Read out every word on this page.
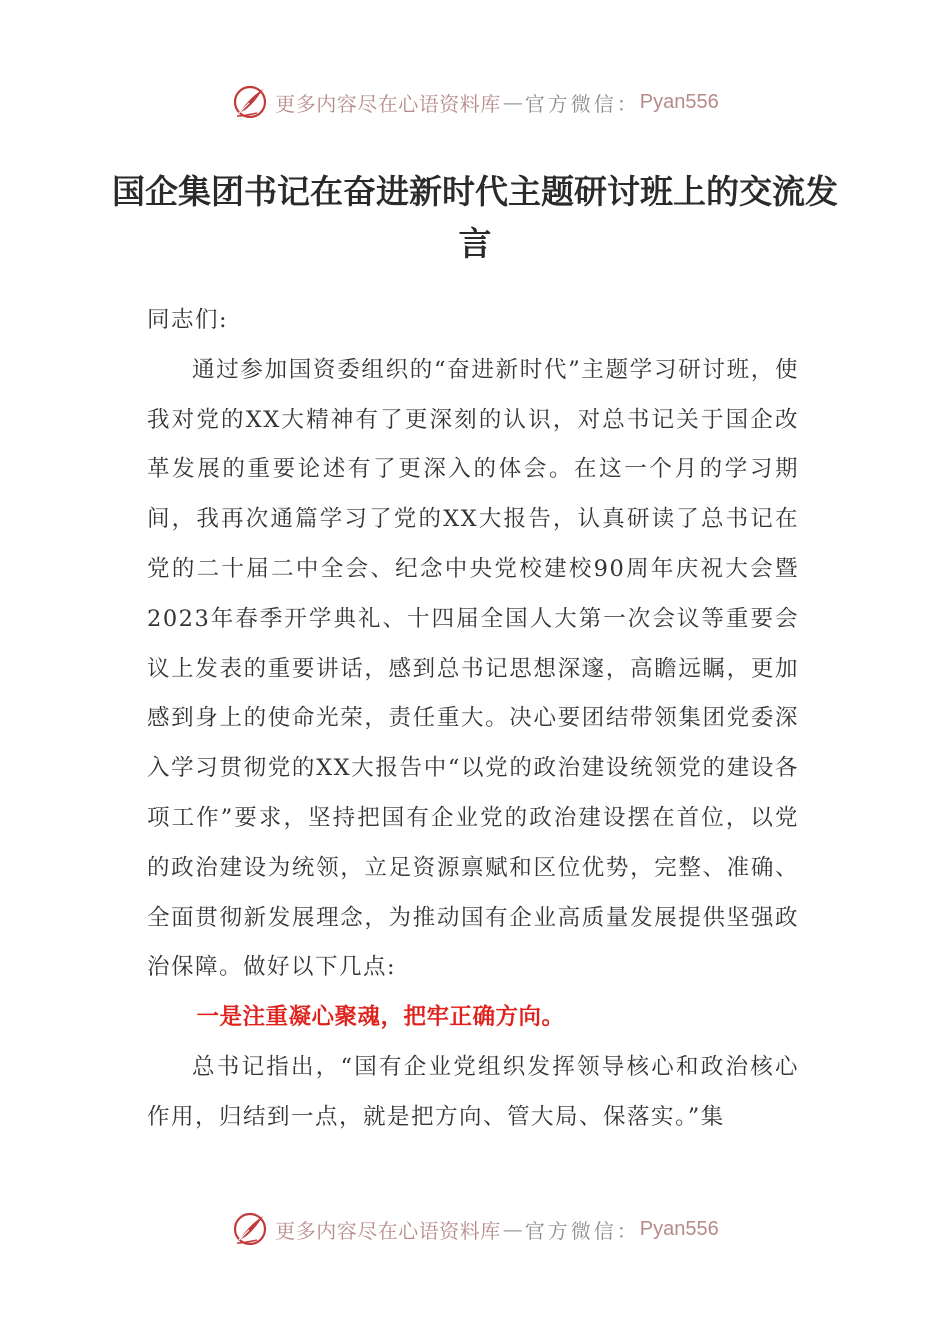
更多内容尽在心语资料库 — 官方微信： Pyan556
国企集团书记在奋进新时代主题研讨班上的交流发言

同志们:

通过参加国资委组织的“奋进新时代”主题学习研讨班，使我对党的XX大精神有了更深刻的认识，对总书记关于国企改革发展的重要论述有了更深入的体会。在这一个月的学习期间，我再次通篇学习了党的XX大报告，认真研读了总书记在党的二十届二中全会、纪念中央党校建校90周年庆祝大会暨2023年春季开学典礼、十四届全国人大第一次会议等重要会议上发表的重要讲话，感到总书记思想深邃，高瞻远瞩，更加感到身上的使命光荣，责任重大。决心要团结带领集团党委深入学习贯彻党的XX大报告中“以党的政治建设统领党的建设各项工作”要求，坚持把国有企业党的政治建设摆在首位，以党的政治建设为统领，立足资源禀赋和区位优势，完整、准确、全面贯彻新发展理念，为推动国有企业高质量发展提供坚强政治保障。做好以下几点:

一是注重凝心聚魂，把牢正确方向。

总书记指出，“国有企业党组织发挥领导核心和政治核心作用，归结到一点，就是把方向、管大局、保落实。”集

更多内容尽在心语资料库 — 官方微信： Pyan556
